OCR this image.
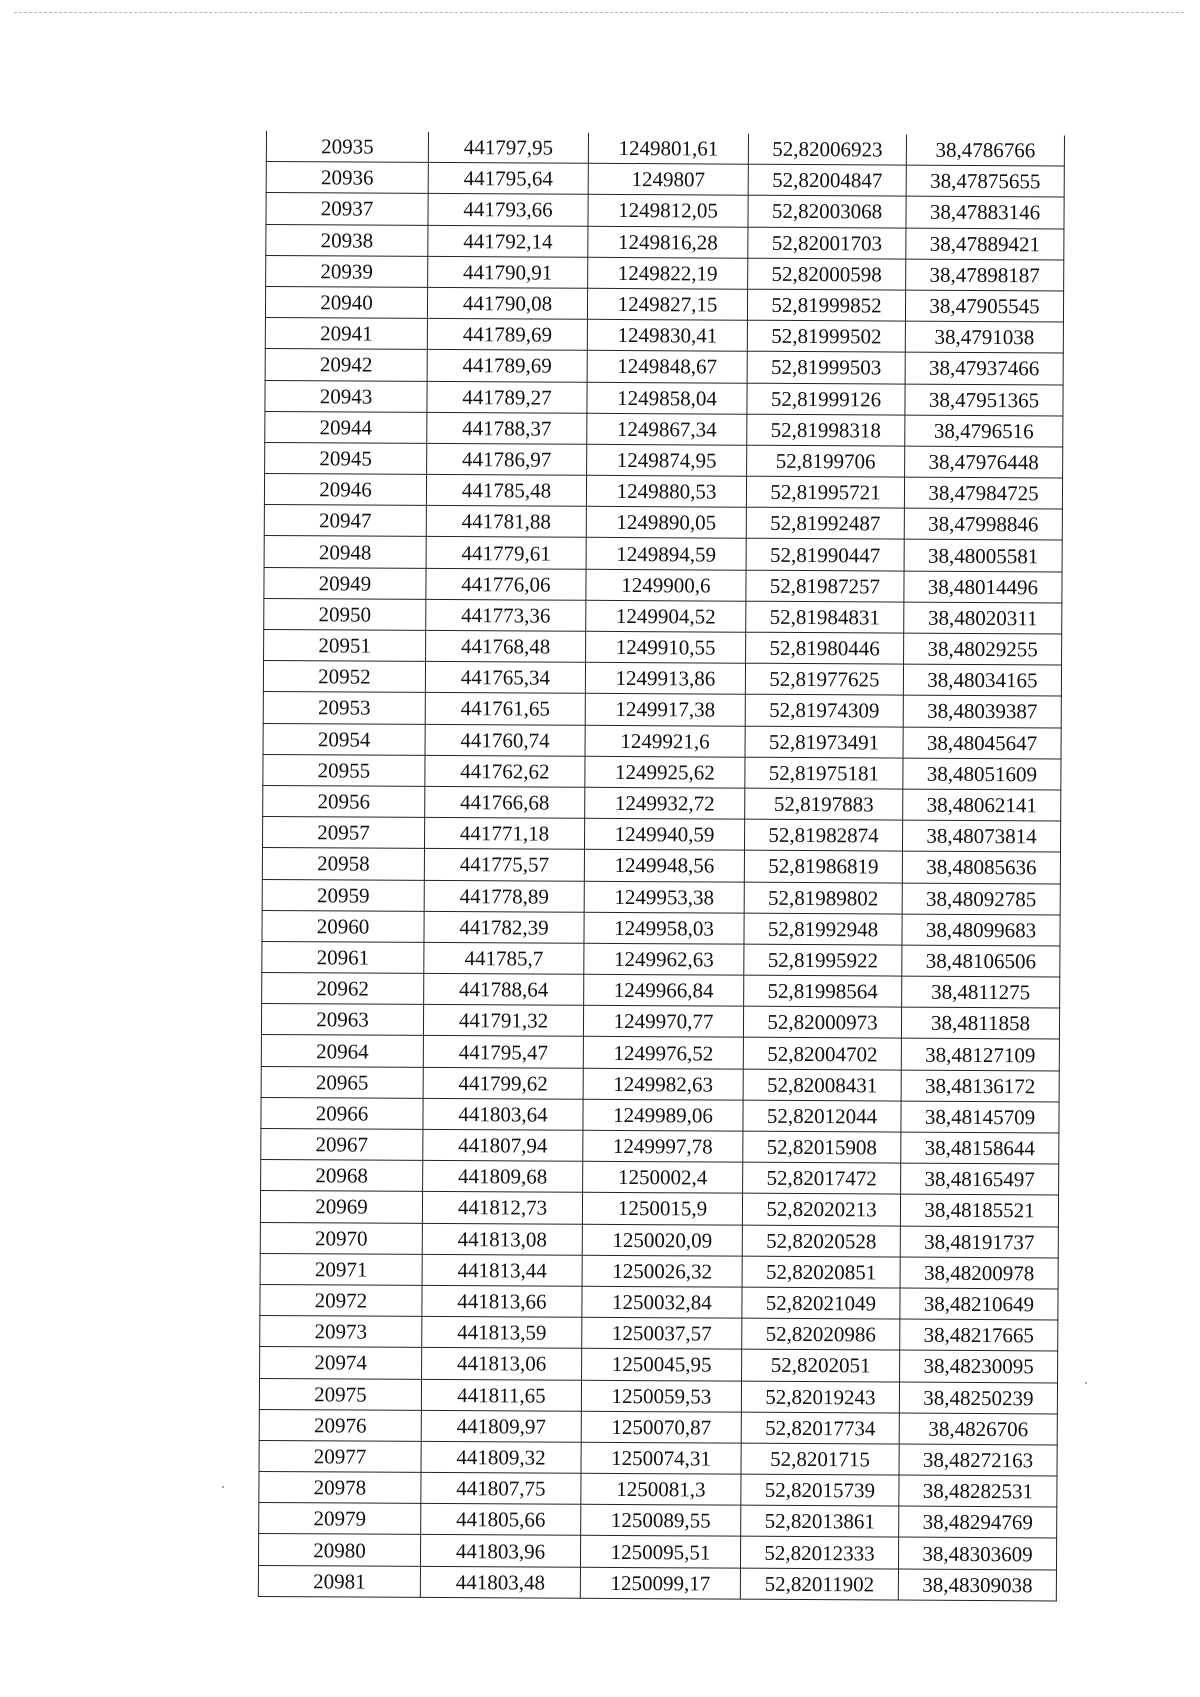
20935	441797,95	1249801,61	52,82006923	38,4786766
20936	441795,64	1249807	52,82004847	38,47875655
20937	441793,66	1249812,05	52,82003068	38,47883146
20938	441792,14	1249816,28	52,82001703	38,47889421
20939	441790,91	1249822,19	52,82000598	38,47898187
20940	441790,08	1249827,15	52,81999852	38,47905545
20941	441789,69	1249830,41	52,81999502	38,4791038
20942	441789,69	1249848,67	52,81999503	38,47937466
20943	441789,27	1249858,04	52,81999126	38,47951365
20944	441788,37	1249867,34	52,81998318	38,4796516
20945	441786,97	1249874,95	52,8199706	38,47976448
20946	441785,48	1249880,53	52,81995721	38,47984725
20947	441781,88	1249890,05	52,81992487	38,47998846
20948	441779,61	1249894,59	52,81990447	38,48005581
20949	441776,06	1249900,6	52,81987257	38,48014496
20950	441773,36	1249904,52	52,81984831	38,48020311
20951	441768,48	1249910,55	52,81980446	38,48029255
20952	441765,34	1249913,86	52,81977625	38,48034165
20953	441761,65	1249917,38	52,81974309	38,48039387
20954	441760,74	1249921,6	52,81973491	38,48045647
20955	441762,62	1249925,62	52,81975181	38,48051609
20956	441766,68	1249932,72	52,8197883	38,48062141
20957	441771,18	1249940,59	52,81982874	38,48073814
20958	441775,57	1249948,56	52,81986819	38,48085636
20959	441778,89	1249953,38	52,81989802	38,48092785
20960	441782,39	1249958,03	52,81992948	38,48099683
20961	441785,7	1249962,63	52,81995922	38,48106506
20962	441788,64	1249966,84	52,81998564	38,4811275
20963	441791,32	1249970,77	52,82000973	38,4811858
20964	441795,47	1249976,52	52,82004702	38,48127109
20965	441799,62	1249982,63	52,82008431	38,48136172
20966	441803,64	1249989,06	52,82012044	38,48145709
20967	441807,94	1249997,78	52,82015908	38,48158644
20968	441809,68	1250002,4	52,82017472	38,48165497
20969	441812,73	1250015,9	52,82020213	38,48185521
20970	441813,08	1250020,09	52,82020528	38,48191737
20971	441813,44	1250026,32	52,82020851	38,48200978
20972	441813,66	1250032,84	52,82021049	38,48210649
20973	441813,59	1250037,57	52,82020986	38,48217665
20974	441813,06	1250045,95	52,8202051	38,48230095
20975	441811,65	1250059,53	52,82019243	38,48250239
20976	441809,97	1250070,87	52,82017734	38,4826706
20977	441809,32	1250074,31	52,8201715	38,48272163
20978	441807,75	1250081,3	52,82015739	38,48282531
20979	441805,66	1250089,55	52,82013861	38,48294769
20980	441803,96	1250095,51	52,82012333	38,48303609
20981	441803,48	1250099,17	52,82011902	38,48309038
